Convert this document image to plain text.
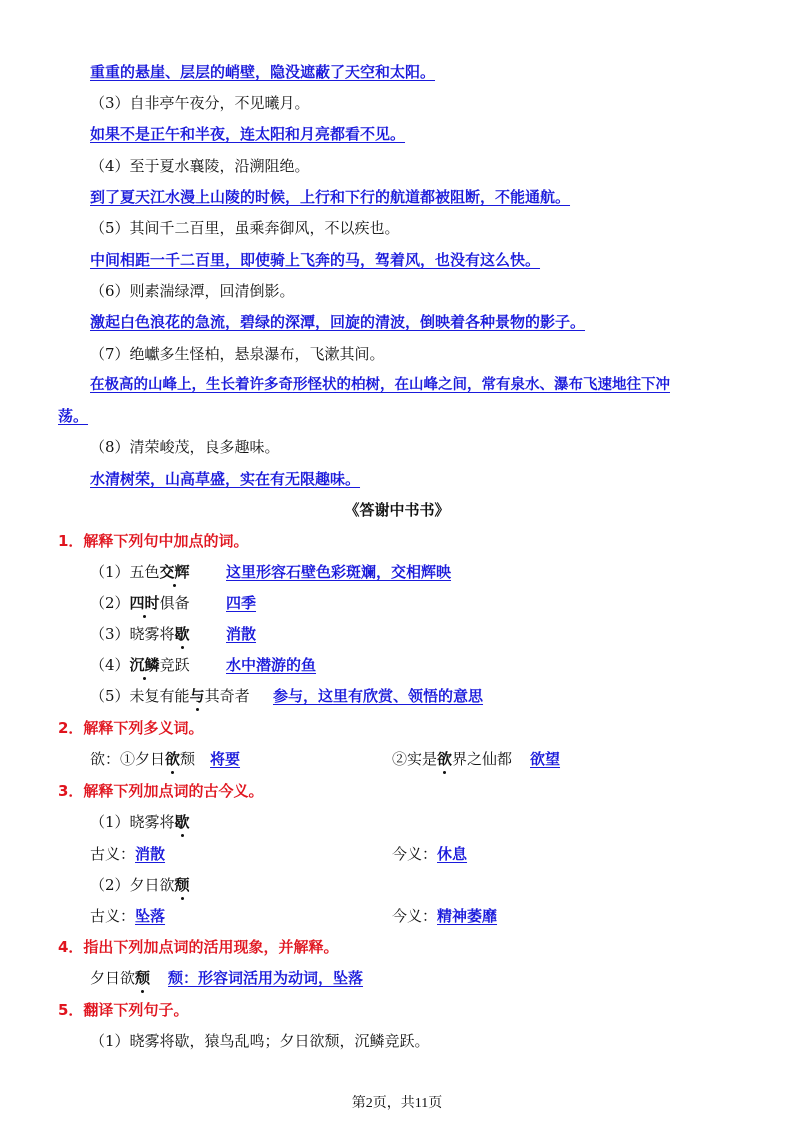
重重的悬崖、层层的峭壁，隐没遮蔽了天空和太阳。
（3）自非亭午夜分，不见曦月。
如果不是正午和半夜，连太阳和月亮都看不见。
（4）至于夏水襄陵，沿溯阻绝。
到了夏天江水漫上山陵的时候，上行和下行的航道都被阻断，不能通航。
（5）其间千二百里，虽乘奔御风，不以疾也。
中间相距一千二百里，即使骑上飞奔的马，驾着风，也没有这么快。
（6）则素湍绿潭，回清倒影。
激起白色浪花的急流，碧绿的深潭，回旋的清波，倒映着各种景物的影子。
（7）绝巘多生怪柏，悬泉瀑布，飞漱其间。
在极高的山峰上，生长着许多奇形怪状的柏树，在山峰之间，常有泉水、瀑布飞速地往下冲
荡。
（8）清荣峻茂，良多趣味。
水清树荣，山高草盛，实在有无限趣味。
《答谢中书书》
1．解释下列句中加点的词。
（1）五色交辉 这里形容石壁色彩斑斓，交相辉映
（2）四时俱备 四季
（3）晓雾将歇 消散
（4）沉鳞竞跃 水中潜游的鱼
（5）未复有能与其奇者 参与，这里有欣赏、领悟的意思
2．解释下列多义词。
欲：①夕日欲颓 将要	②实是欲界之仙都 欲望
3．解释下列加点词的古今义。
（1）晓雾将歇
古义：消散	今义：休息
（2）夕日欲颓
古义：坠落	今义：精神萎靡
4．指出下列加点词的活用现象，并解释。
夕日欲颓 颓：形容词活用为动词，坠落
5．翻译下列句子。
（1）晓雾将歇，猿鸟乱鸣；夕日欲颓，沉鳞竞跃。
第2页，共11页
